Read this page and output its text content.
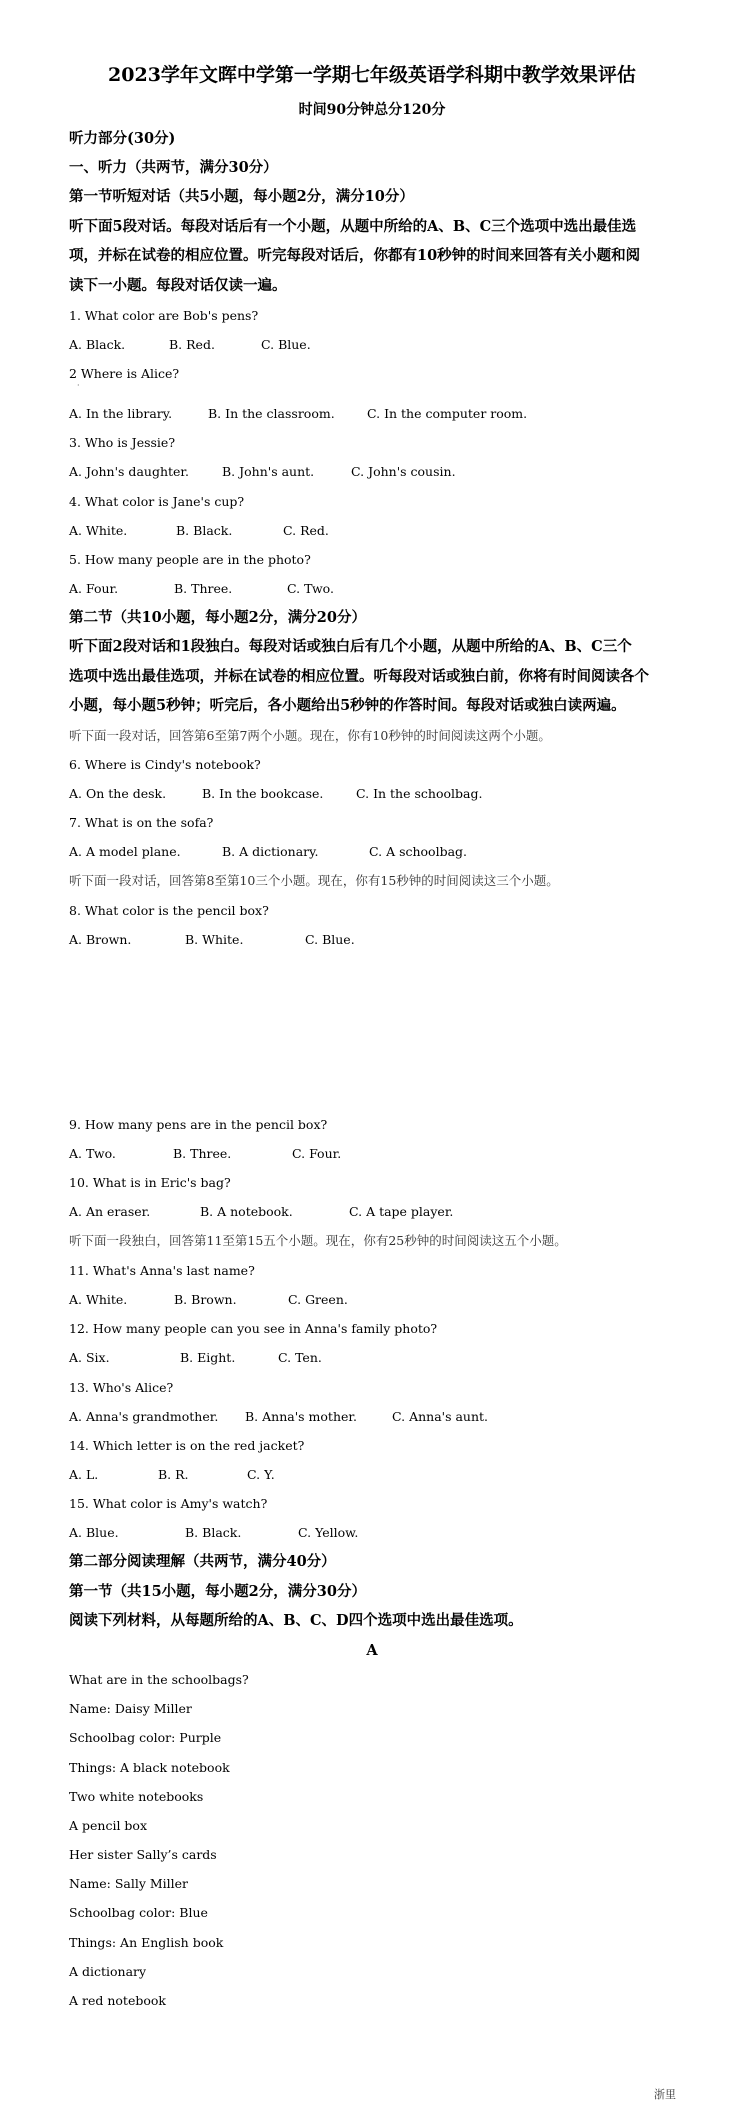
2023学年文晖中学第一学期七年级英语学科期中教学效果评估
时间90分钟总分120分
听力部分(30分)
一、听力（共两节，满分30分）
第一节听短对话（共5小题，每小题2分，满分10分）
听下面5段对话。每段对话后有一个小题，从题中所给的A、B、C三个选项中选出最佳选
项，并标在试卷的相应位置。听完每段对话后，你都有10秒钟的时间来回答有关小题和阅
读下一小题。每段对话仅读一遍。
1. What color are Bob's pens?
A. Black.	B. Red.	C. Blue.
2 Where is Alice?
·
A. In the library.	B. In the classroom.	C. In the computer room.
3. Who is Jessie?
A. John's daughter.	B. John's aunt.	C. John's cousin.
4. What color is Jane's cup?
A. White.	B. Black.	C. Red.
5. How many people are in the photo?
A. Four.	B. Three.	C. Two.
第二节（共10小题，每小题2分，满分20分）
听下面2段对话和1段独白。每段对话或独白后有几个小题，从题中所给的A、B、C三个
选项中选出最佳选项，并标在试卷的相应位置。听每段对话或独白前，你将有时间阅读各个
小题，每小题5秒钟；听完后，各小题给出5秒钟的作答时间。每段对话或独白读两遍。
听下面一段对话，回答第6至第7两个小题。现在，你有10秒钟的时间阅读这两个小题。
6. Where is Cindy's notebook?
A. On the desk.	B. In the bookcase.	C. In the schoolbag.
7. What is on the sofa?
A. A model plane.	B. A dictionary.	C. A schoolbag.
听下面一段对话，回答第8至第10三个小题。现在，你有15秒钟的时间阅读这三个小题。
8. What color is the pencil box?
A. Brown.	B. White.	C. Blue.
9. How many pens are in the pencil box?
A. Two.	B. Three.	C. Four.
10. What is in Eric's bag?
A. An eraser.	B. A notebook.	C. A tape player.
听下面一段独白，回答第11至第15五个小题。现在，你有25秒钟的时间阅读这五个小题。
11. What's Anna's last name?
A. White.	B. Brown.	C. Green.
12. How many people can you see in Anna's family photo?
A. Six.	B. Eight.	C. Ten.
13. Who's Alice?
A. Anna's grandmother. B. Anna's mother.	C. Anna's aunt.
14. Which letter is on the red jacket?
A. L.	B. R.	C. Y.
15. What color is Amy's watch?
A. Blue.	B. Black.	C. Yellow.
第二部分阅读理解（共两节，满分40分）
第一节（共15小题，每小题2分，满分30分）
阅读下列材料，从每题所给的A、B、C、D四个选项中选出最佳选项。
A
What are in the schoolbags?
Name: Daisy Miller
Schoolbag color: Purple
Things: A black notebook
Two white notebooks
A pencil box
Her sister Sally’s cards
Name: Sally Miller
Schoolbag color: Blue
Things: An English book
A dictionary
A red notebook
浙里
